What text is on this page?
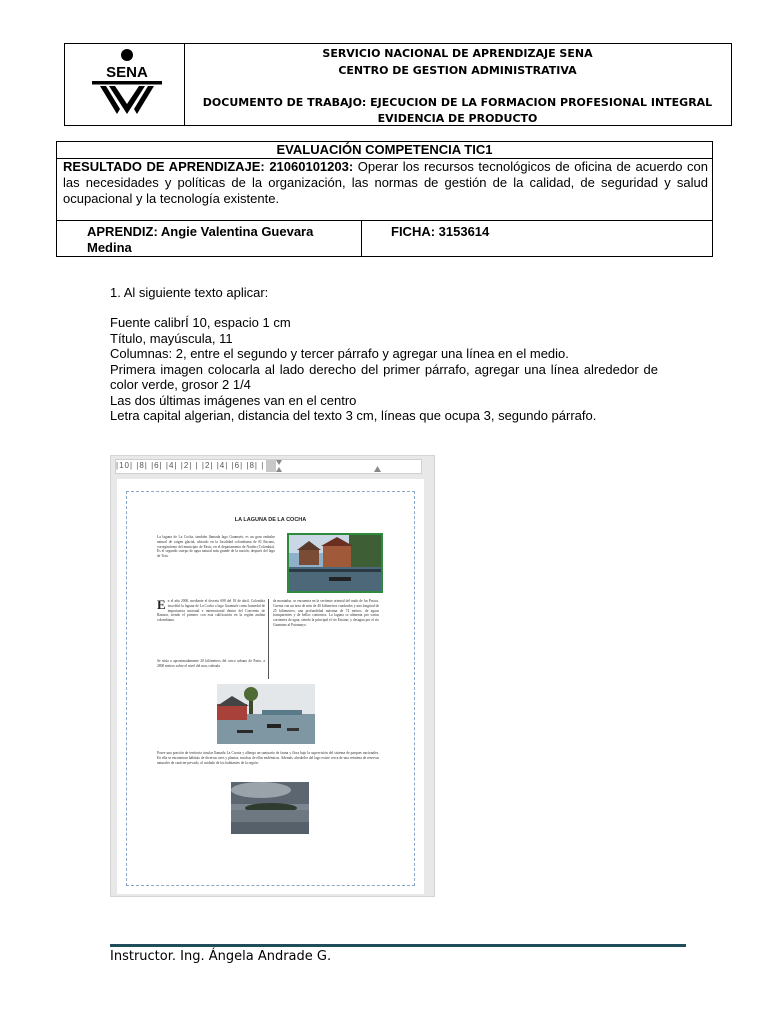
SENA
SERVICIO NACIONAL DE APRENDIZAJE SENA
CENTRO DE GESTION ADMINISTRATIVA
DOCUMENTO DE TRABAJO: EJECUCION DE LA FORMACION PROFESIONAL INTEGRAL
EVIDENCIA DE PRODUCTO
EVALUACIÓN COMPETENCIA TIC1
RESULTADO DE APRENDIZAJE: 21060101203: Operar los recursos tecnológicos de oficina de acuerdo con las necesidades y políticas de la organización, las normas de gestión de la calidad, de seguridad y salud ocupacional y la tecnología existente.
APRENDIZ: Angie Valentina Guevara Medina
FICHA: 3153614
1. Al siguiente texto aplicar:

Fuente calibrÍ 10, espacio 1 cm

Título, mayúscula, 11

Columnas: 2, entre el segundo y tercer párrafo y agregar una línea en el medio.

Primera imagen colocarla al lado derecho del primer párrafo, agregar una línea alrededor de color verde, grosor 2 1/4

Las dos últimas imágenes van en el centro

Letra capital algerian, distancia del texto 3 cm, líneas que ocupa 3, segundo párrafo.

|10| |8| |6| |4| |2| | |2| |4| |6| |8| |
LA LAGUNA DE LA COCHA
La laguna de La Cocha, también llamada lago Guamués, es un gran embalse natural de origen glacial, ubicado en la localidad colombiana de El Encano, corregimiento del municipio de Pasto, en el departamento de Nariño (Colombia). Es el segundo cuerpo de agua natural más grande de la nación, después del lago de Tota.
En el año 2000, mediante el decreto 698 del 18 de abril, Colombia inscribió la laguna de La Cocha o lago Guamués como humedal de importancia nacional e internacional dentro del Convenio de Ramsar, siendo el primero con esta calificación en la región andina colombiana.
Se sitúa a aproximadamente 20 kilómetros del casco urbano de Pasto, a 2800 metros sobre el nivel del mar, rodeada
de montañas, se encuentra en la vertiente oriental del nudo de los Pastos. Cuenta con un área de más de 40 kilómetros cuadrados y una longitud de 25 kilómetros; una profundidad máxima de 74 metros, de aguas transparentes y de bellos contornos. La laguna se alimenta por varias corrientes de agua, siendo la principal el río Encano, y desagua por el río Guamuez al Putumayo.
Posee una porción de territorio insular llamada La Corota y alberga un santuario de fauna y flora bajo la supervisión del sistema de parques nacionales. En ella se encuentran hábitats de diversas aves y plantas, muchas de ellas endémicas. Además, alrededor del lago existe cerca de una veintena de reservas naturales de carácter privado, al cuidado de los habitantes de la región.
Instructor. Ing. Ángela Andrade G.
